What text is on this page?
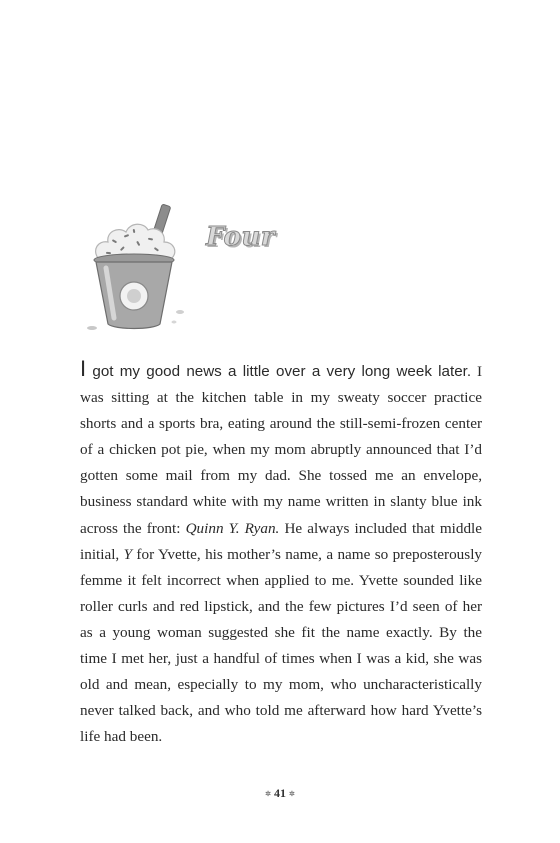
Four

I got my good news a little over a very long week later. I was sitting at the kitchen table in my sweaty soccer practice shorts and a sports bra, eating around the still-semi-frozen center of a chicken pot pie, when my mom abruptly announced that I’d gotten some mail from my dad. She tossed me an envelope, business standard white with my name written in slanty blue ink across the front: Quinn Y. Ryan. He always included that middle initial, Y for Yvette, his mother’s name, a name so preposterously femme it felt incorrect when applied to me. Yvette sounded like roller curls and red lipstick, and the few pictures I’d seen of her as a young woman suggested she fit the name exactly. By the time I met her, just a handful of times when I was a kid, she was old and mean, especially to my mom, who uncharacteristically never talked back, and who told me afterward how hard Yvette’s life had been.

✲ 41 ✲
